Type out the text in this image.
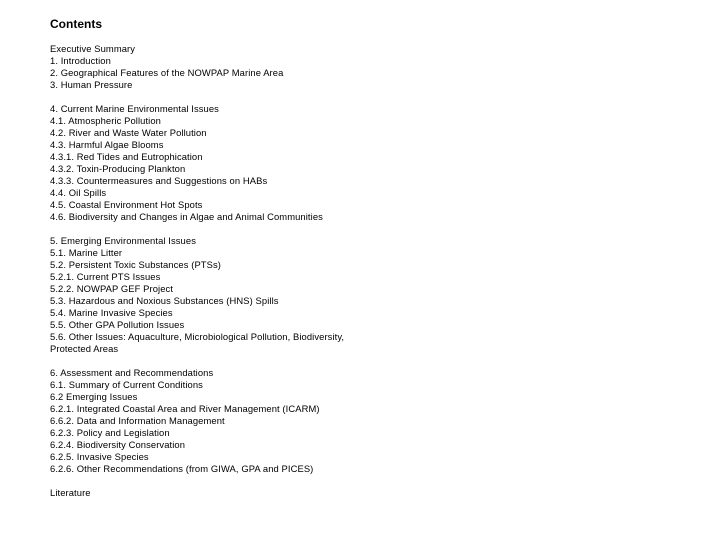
Contents
Executive Summary
1. Introduction
2. Geographical Features of the NOWPAP Marine Area
3. Human Pressure
4. Current Marine Environmental Issues
4.1. Atmospheric Pollution
4.2. River and Waste Water Pollution
4.3. Harmful Algae Blooms
4.3.1. Red Tides and Eutrophication
4.3.2. Toxin-Producing Plankton
4.3.3. Countermeasures and Suggestions on HABs
4.4. Oil Spills
4.5. Coastal Environment Hot Spots
4.6. Biodiversity and Changes in Algae and Animal Communities
5. Emerging Environmental Issues
5.1. Marine Litter
5.2. Persistent Toxic Substances (PTSs)
5.2.1. Current PTS Issues
5.2.2. NOWPAP GEF Project
5.3. Hazardous and Noxious Substances (HNS) Spills
5.4. Marine Invasive Species
5.5. Other GPA Pollution Issues
5.6. Other Issues: Aquaculture, Microbiological Pollution, Biodiversity,
Protected Areas
6. Assessment and Recommendations
6.1. Summary of Current Conditions
6.2 Emerging Issues
6.2.1. Integrated Coastal Area and River Management (ICARM)
6.6.2. Data and Information Management
6.2.3. Policy and Legislation
6.2.4. Biodiversity Conservation
6.2.5. Invasive Species
6.2.6. Other Recommendations (from GIWA, GPA and PICES)
Literature
